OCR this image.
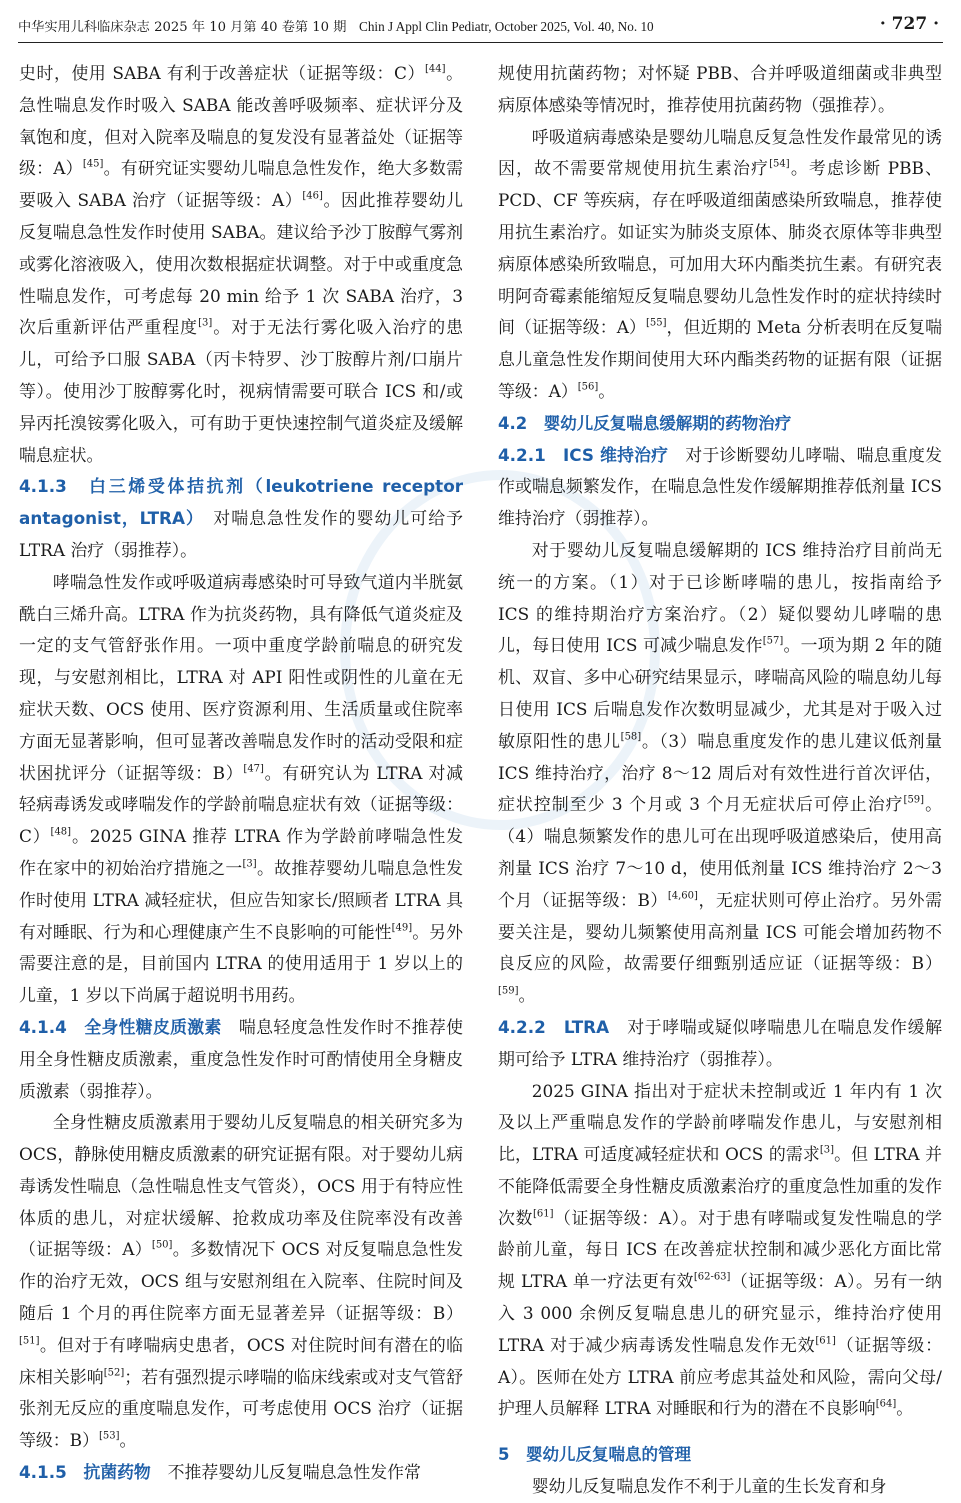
中华实用儿科临床杂志 2025 年 10 月第 40 卷第 10 期 Chin J Appl Clin Pediatr, October 2025, Vol. 40, No. 10	· 727 ·

史时，使用 SABA 有利于改善症状（证据等级：C）[44]。急性喘息发作时吸入 SABA 能改善呼吸频率、症状评分及氧饱和度，但对入院率及喘息的复发没有显著益处（证据等级：A）[45]。有研究证实婴幼儿喘息急性发作，绝大多数需要吸入 SABA 治疗（证据等级：A）[46]。因此推荐婴幼儿反复喘息急性发作时使用 SABA。建议给予沙丁胺醇气雾剂或雾化溶液吸入，使用次数根据症状调整。对于中或重度急性喘息发作，可考虑每 20 min 给予 1 次 SABA 治疗，3 次后重新评估严重程度[3]。对于无法行雾化吸入治疗的患儿，可给予口服 SABA（丙卡特罗、沙丁胺醇片剂/口崩片等）。使用沙丁胺醇雾化时，视病情需要可联合 ICS 和/或异丙托溴铵雾化吸入，可有助于更快速控制气道炎症及缓解喘息症状。

4.1.3　白三烯受体拮抗剂（leukotriene receptor antagonist，LTRA）　对喘息急性发作的婴幼儿可给予 LTRA 治疗（弱推荐）。

哮喘急性发作或呼吸道病毒感染时可导致气道内半胱氨酰白三烯升高。LTRA 作为抗炎药物，具有降低气道炎症及一定的支气管舒张作用。一项中重度学龄前喘息的研究发现，与安慰剂相比，LTRA 对 API 阳性或阴性的儿童在无症状天数、OCS 使用、医疗资源利用、生活质量或住院率方面无显著影响，但可显著改善喘息发作时的活动受限和症状困扰评分（证据等级：B）[47]。有研究认为 LTRA 对减轻病毒诱发或哮喘发作的学龄前喘息症状有效（证据等级：C）[48]。2025 GINA 推荐 LTRA 作为学龄前哮喘急性发作在家中的初始治疗措施之一[3]。故推荐婴幼儿喘息急性发作时使用 LTRA 减轻症状，但应告知家长/照顾者 LTRA 具有对睡眠、行为和心理健康产生不良影响的可能性[49]。另外需要注意的是，目前国内 LTRA 的使用适用于 1 岁以上的儿童，1 岁以下尚属于超说明书用药。

4.1.4　全身性糖皮质激素　喘息轻度急性发作时不推荐使用全身性糖皮质激素，重度急性发作时可酌情使用全身糖皮质激素（弱推荐）。

全身性糖皮质激素用于婴幼儿反复喘息的相关研究多为 OCS，静脉使用糖皮质激素的研究证据有限。对于婴幼儿病毒诱发性喘息（急性喘息性支气管炎），OCS 用于有特应性体质的患儿，对症状缓解、抢救成功率及住院率没有改善（证据等级：A）[50]。多数情况下 OCS 对反复喘息急性发作的治疗无效，OCS 组与安慰剂组在入院率、住院时间及随后 1 个月的再住院率方面无显著差异（证据等级：B）[51]。但对于有哮喘病史患者，OCS 对住院时间有潜在的临床相关影响[52]；若有强烈提示哮喘的临床线索或对支气管舒张剂无反应的重度喘息发作，可考虑使用 OCS 治疗（证据等级：B）[53]。

4.1.5　抗菌药物　不推荐婴幼儿反复喘息急性发作常

规使用抗菌药物；对怀疑 PBB、合并呼吸道细菌或非典型病原体感染等情况时，推荐使用抗菌药物（强推荐）。

呼吸道病毒感染是婴幼儿喘息反复急性发作最常见的诱因，故不需要常规使用抗生素治疗[54]。考虑诊断 PBB、PCD、CF 等疾病，存在呼吸道细菌感染所致喘息，推荐使用抗生素治疗。如证实为肺炎支原体、肺炎衣原体等非典型病原体感染所致喘息，可加用大环内酯类抗生素。有研究表明阿奇霉素能缩短反复喘息婴幼儿急性发作时的症状持续时间（证据等级：A）[55]，但近期的 Meta 分析表明在反复喘息儿童急性发作期间使用大环内酯类药物的证据有限（证据等级：A）[56]。

4.2　婴幼儿反复喘息缓解期的药物治疗

4.2.1　ICS 维持治疗　对于诊断婴幼儿哮喘、喘息重度发作或喘息频繁发作，在喘息急性发作缓解期推荐低剂量 ICS 维持治疗（弱推荐）。

对于婴幼儿反复喘息缓解期的 ICS 维持治疗目前尚无统一的方案。（1）对于已诊断哮喘的患儿，按指南给予 ICS 的维持期治疗方案治疗。（2）疑似婴幼儿哮喘的患儿，每日使用 ICS 可减少喘息发作[57]。一项为期 2 年的随机、双盲、多中心研究结果显示，哮喘高风险的喘息幼儿每日使用 ICS 后喘息发作次数明显减少，尤其是对于吸入过敏原阳性的患儿[58]。（3）喘息重度发作的患儿建议低剂量 ICS 维持治疗，治疗 8～12 周后对有效性进行首次评估，症状控制至少 3 个月或 3 个月无症状后可停止治疗[59]。（4）喘息频繁发作的患儿可在出现呼吸道感染后，使用高剂量 ICS 治疗 7～10 d，使用低剂量 ICS 维持治疗 2～3 个月（证据等级：B）[4,60]，无症状则可停止治疗。另外需要关注是，婴幼儿频繁使用高剂量 ICS 可能会增加药物不良反应的风险，故需要仔细甄别适应证（证据等级：B）[59]。

4.2.2　LTRA　对于哮喘或疑似哮喘患儿在喘息发作缓解期可给予 LTRA 维持治疗（弱推荐）。

2025 GINA 指出对于症状未控制或近 1 年内有 1 次及以上严重喘息发作的学龄前哮喘发作患儿，与安慰剂相比，LTRA 可适度减轻症状和 OCS 的需求[3]。但 LTRA 并不能降低需要全身性糖皮质激素治疗的重度急性加重的发作次数[61]（证据等级：A）。对于患有哮喘或复发性喘息的学龄前儿童，每日 ICS 在改善症状控制和减少恶化方面比常规 LTRA 单一疗法更有效[62-63]（证据等级：A）。另有一纳入 3 000 余例反复喘息患儿的研究显示，维持治疗使用 LTRA 对于减少病毒诱发性喘息发作无效[61]（证据等级：A）。医师在处方 LTRA 前应考虑其益处和风险，需向父母/护理人员解释 LTRA 对睡眠和行为的潜在不良影响[64]。

5　婴幼儿反复喘息的管理

婴幼儿反复喘息发作不利于儿童的生长发育和身
